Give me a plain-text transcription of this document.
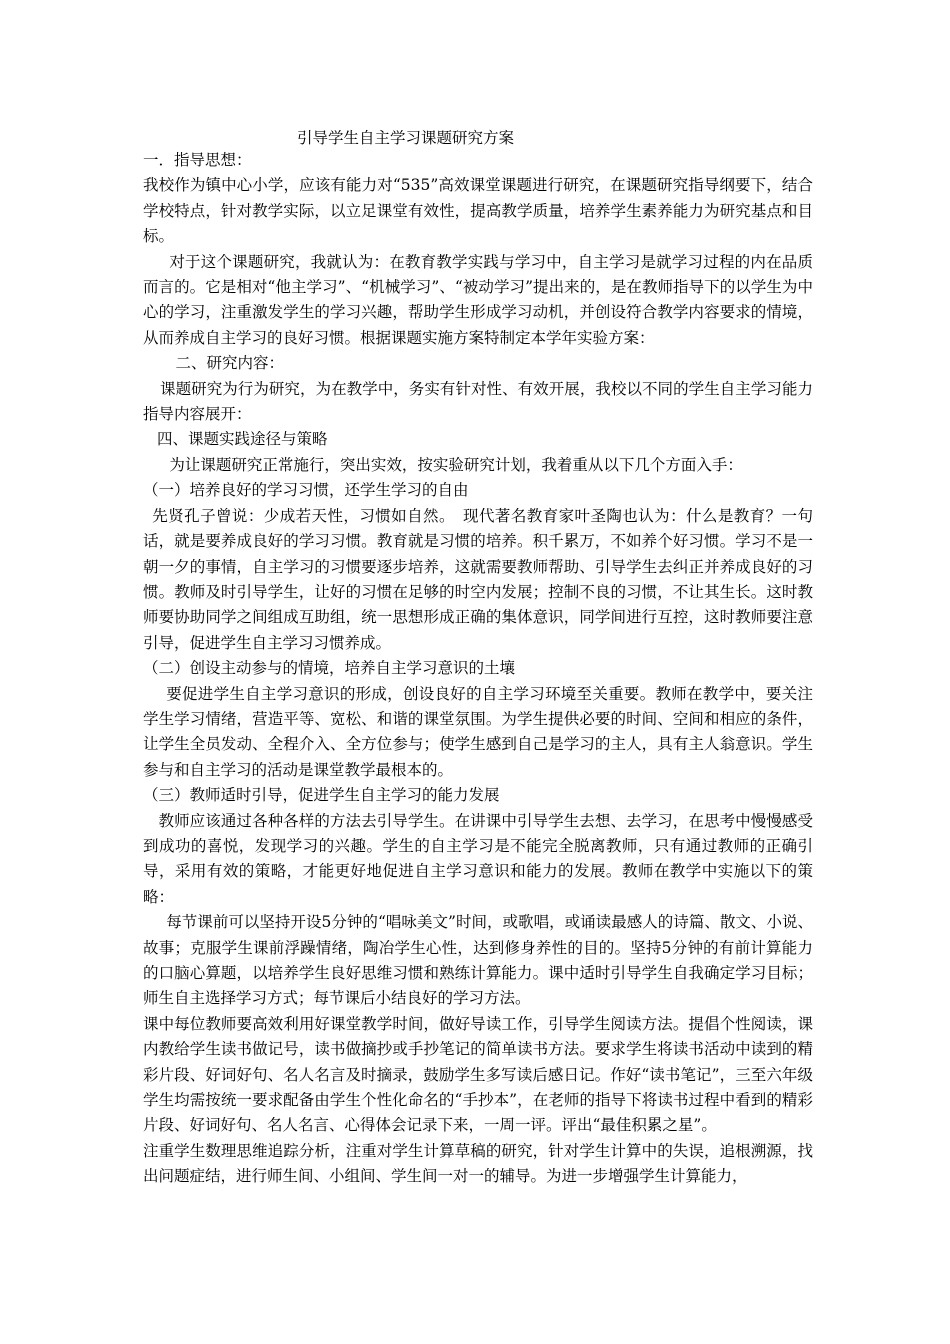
引导学生自主学习课题研究方案
一．指导思想：
我校作为镇中心小学，应该有能力对“535”高效课堂课题进行研究，在课题研究指导纲要下，结合学校特点，针对教学实际，以立足课堂有效性，提高教学质量，培养学生素养能力为研究基点和目标。
对于这个课题研究，我就认为：在教育教学实践与学习中，自主学习是就学习过程的内在品质而言的。它是相对“他主学习”、“机械学习”、“被动学习”提出来的，是在教师指导下的以学生为中心的学习，注重激发学生的学习兴趣，帮助学生形成学习动机，并创设符合教学内容要求的情境，从而养成自主学习的良好习惯。根据课题实施方案特制定本学年实验方案：
二、研究内容：
课题研究为行为研究，为在教学中，务实有针对性、有效开展，我校以不同的学生自主学习能力指导内容展开：
四、课题实践途径与策略
为让课题研究正常施行，突出实效，按实验研究计划，我着重从以下几个方面入手：
（一）培养良好的学习习惯，还学生学习的自由
先贤孔子曾说：少成若天性，习惯如自然。　现代著名教育家叶圣陶也认为：什么是教育？一句话，就是要养成良好的学习习惯。教育就是习惯的培养。积千累万，不如养个好习惯。学习不是一朝一夕的事情，自主学习的习惯要逐步培养，这就需要教师帮助、引导学生去纠正并养成良好的习惯。教师及时引导学生，让好的习惯在足够的时空内发展；控制不良的习惯，不让其生长。这时教师要协助同学之间组成互助组，统一思想形成正确的集体意识，同学间进行互控，这时教师要注意引导，促进学生自主学习习惯养成。
（二）创设主动参与的情境，培养自主学习意识的土壤
要促进学生自主学习意识的形成，创设良好的自主学习环境至关重要。教师在教学中，要关注学生学习情绪，营造平等、宽松、和谐的课堂氛围。为学生提供必要的时间、空间和相应的条件，让学生全员发动、全程介入、全方位参与；使学生感到自己是学习的主人，具有主人翁意识。学生参与和自主学习的活动是课堂教学最根本的。
（三）教师适时引导，促进学生自主学习的能力发展
教师应该通过各种各样的方法去引导学生。在讲课中引导学生去想、去学习，在思考中慢慢感受到成功的喜悦，发现学习的兴趣。学生的自主学习是不能完全脱离教师，只有通过教师的正确引导，采用有效的策略，才能更好地促进自主学习意识和能力的发展。教师在教学中实施以下的策略：
每节课前可以坚持开设5分钟的“唱咏美文”时间，或歌唱，或诵读最感人的诗篇、散文、小说、故事；克服学生课前浮躁情绪，陶冶学生心性，达到修身养性的目的。坚持5分钟的有前计算能力的口脑心算题，以培养学生良好思维习惯和熟练计算能力。课中适时引导学生自我确定学习目标；师生自主选择学习方式；每节课后小结良好的学习方法。
课中每位教师要高效利用好课堂教学时间，做好导读工作，引导学生阅读方法。提倡个性阅读，课内教给学生读书做记号，读书做摘抄或手抄笔记的简单读书方法。要求学生将读书活动中读到的精彩片段、好词好句、名人名言及时摘录，鼓励学生多写读后感日记。作好“读书笔记”，三至六年级学生均需按统一要求配备由学生个性化命名的“手抄本”，在老师的指导下将读书过程中看到的精彩片段、好词好句、名人名言、心得体会记录下来，一周一评。评出“最佳积累之星”。
注重学生数理思维追踪分析，注重对学生计算草稿的研究，针对学生计算中的失误，追根溯源，找出问题症结，进行师生间、小组间、学生间一对一的辅导。为进一步增强学生计算能力，
